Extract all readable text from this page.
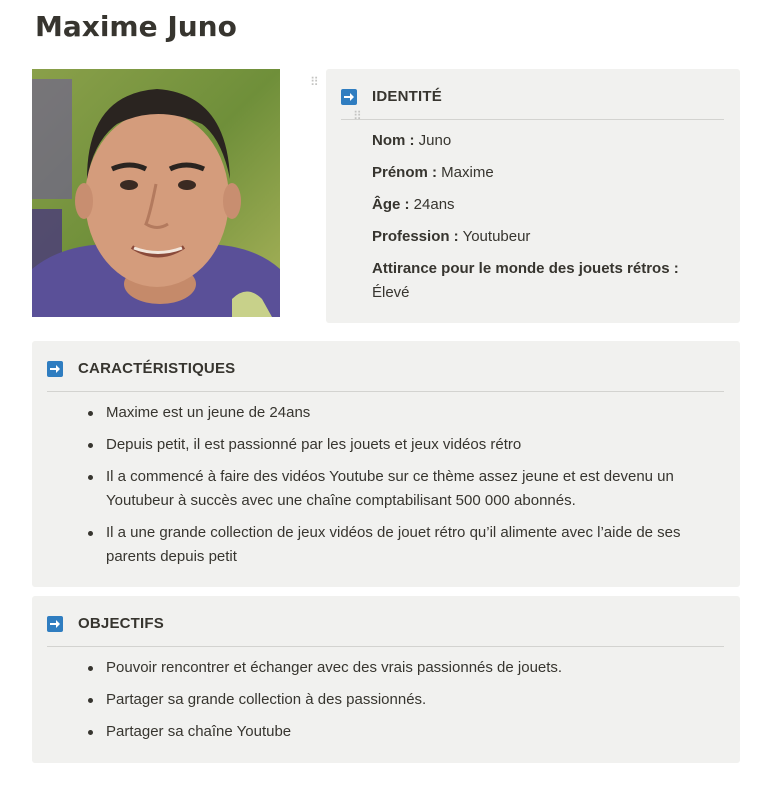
Maxime Juno
⠿
IDENTITÉ
⠿
Nom : Juno
Prénom : Maxime
Âge : 24ans
Profession : Youtubeur
Attirance pour le monde des jouets rétros :
Élevé
CARACTÉRISTIQUES
Maxime est un jeune de 24ans
Depuis petit, il est passionné par les jouets et jeux vidéos rétro
Il a commencé à faire des vidéos Youtube sur ce thème assez jeune et est devenu un Youtubeur à succès avec une chaîne comptabilisant 500 000 abonnés.
Il a une grande collection de jeux vidéos de jouet rétro qu’il alimente avec l’aide de ses parents depuis petit
OBJECTIFS
Pouvoir rencontrer et échanger avec des vrais passionnés de jouets.
Partager sa grande collection à des passionnés.
Partager sa chaîne Youtube
